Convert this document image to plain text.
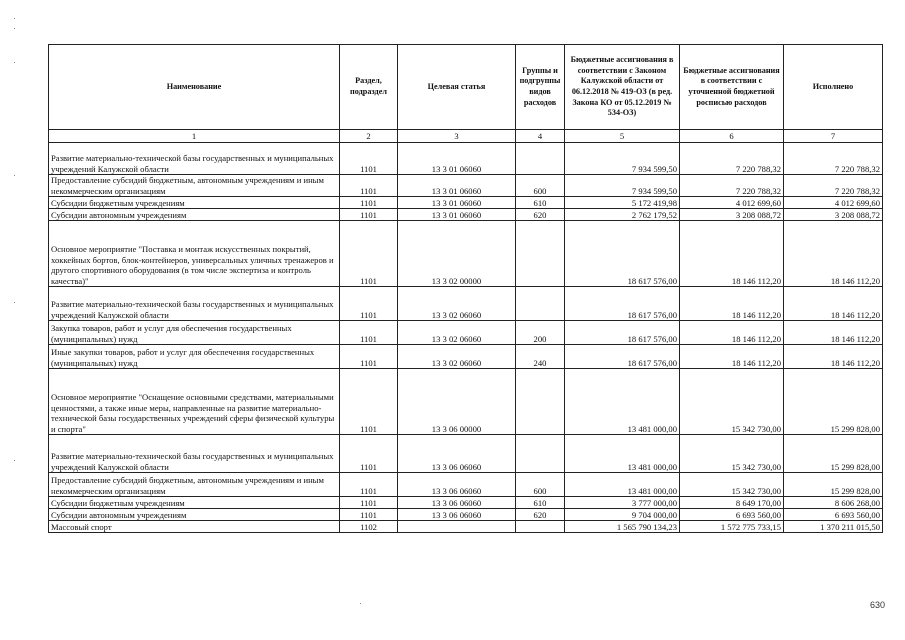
Наименование	Раздел, подраздел	Целевая статья	Группы и подгруппы видов расходов	Бюджетные ассигнования в соответствии с Законом Калужской области от 06.12.2018 № 419-ОЗ (в ред. Закона КО от 05.12.2019 № 534-ОЗ)	Бюджетные ассигнования в соответствии с уточненной бюджетной росписью расходов	Исполнено
1	2	3	4	5	6	7
Развитие материально-технической базы государственных и муниципальных учреждений Калужской области	1101	13 3 01 06060		7 934 599,50	7 220 788,32	7 220 788,32
Предоставление субсидий бюджетным, автономным учреждениям и иным некоммерческим организациям	1101	13 3 01 06060	600	7 934 599,50	7 220 788,32	7 220 788,32
Субсидии бюджетным учреждениям	1101	13 3 01 06060	610	5 172 419,98	4 012 699,60	4 012 699,60
Субсидии автономным учреждениям	1101	13 3 01 06060	620	2 762 179,52	3 208 088,72	3 208 088,72
Основное мероприятие "Поставка и монтаж искусственных покрытий, хоккейных бортов, блок-контейнеров, универсальных уличных тренажеров и другого спортивного оборудования (в том числе экспертиза и контроль качества)"	1101	13 3 02 00000		18 617 576,00	18 146 112,20	18 146 112,20
Развитие материально-технической базы государственных и муниципальных учреждений Калужской области	1101	13 3 02 06060		18 617 576,00	18 146 112,20	18 146 112,20
Закупка товаров, работ и услуг для обеспечения государственных (муниципальных) нужд	1101	13 3 02 06060	200	18 617 576,00	18 146 112,20	18 146 112,20
Иные закупки товаров, работ и услуг для обеспечения государственных (муниципальных) нужд	1101	13 3 02 06060	240	18 617 576,00	18 146 112,20	18 146 112,20
Основное мероприятие "Оснащение основными средствами, материальными ценностями, а также иные меры, направленные на развитие материально-технической базы государственных учреждений сферы физической культуры и спорта"	1101	13 3 06 00000		13 481 000,00	15 342 730,00	15 299 828,00
Развитие материально-технической базы государственных и муниципальных учреждений Калужской области	1101	13 3 06 06060		13 481 000,00	15 342 730,00	15 299 828,00
Предоставление субсидий бюджетным, автономным учреждениям и иным некоммерческим организациям	1101	13 3 06 06060	600	13 481 000,00	15 342 730,00	15 299 828,00
Субсидии бюджетным учреждениям	1101	13 3 06 06060	610	3 777 000,00	8 649 170,00	8 606 268,00
Субсидии автономным учреждениям	1101	13 3 06 06060	620	9 704 000,00	6 693 560,00	6 693 560,00
Массовый спорт	1102			1 565 790 134,23	1 572 775 733,15	1 370 211 015,50
630
